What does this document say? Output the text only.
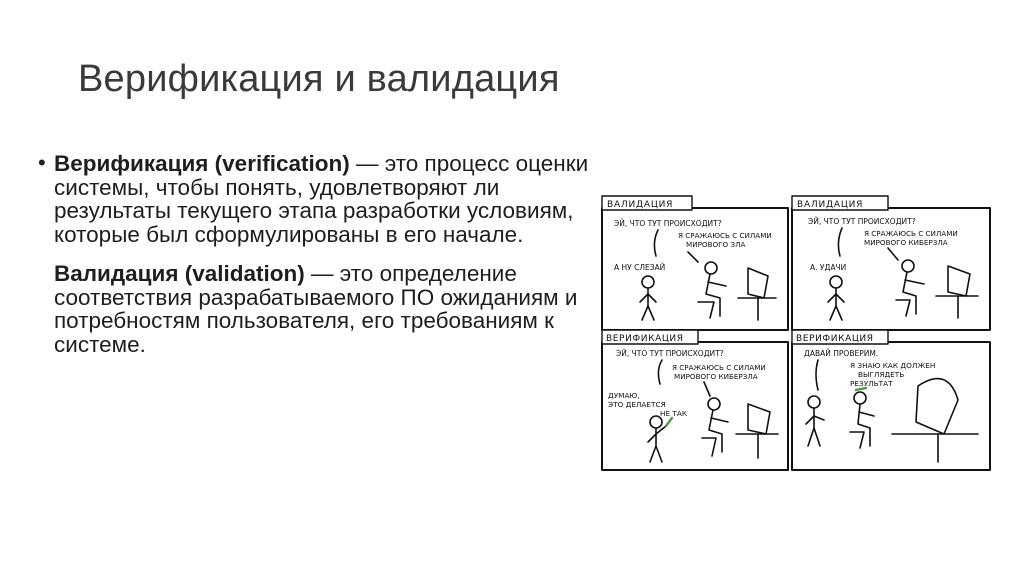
Верификация и валидация
• Верификация (verification) — это процесс оценки системы, чтобы понять, удовлетворяют ли результаты текущего этапа разработки условиям, которые был сформулированы в его начале.
Валидация (validation) — это определение соответствия разрабатываемого ПО ожиданиям и потребностям пользователя, его требованиям к системе.
ВАЛИДАЦИЯ
ЭЙ, ЧТО ТУТ ПРОИСХОДИТ?
Я СРАЖАЮСЬ С СИЛАМИ
МИРОВОГО ЗЛА
А НУ СЛЕЗАЙ
ВАЛИДАЦИЯ
ЭЙ, ЧТО ТУТ ПРОИСХОДИТ?
Я СРАЖАЮСЬ С СИЛАМИ
МИРОВОГО КИБЕРЗЛА
А. УДАЧИ
ВЕРИФИКАЦИЯ
ЭЙ, ЧТО ТУТ ПРОИСХОДИТ?
Я СРАЖАЮСЬ С СИЛАМИ
МИРОВОГО КИБЕРЗЛА
ДУМАЮ,
ЭТО ДЕЛАЕТСЯ
НЕ ТАК
ВЕРИФИКАЦИЯ
ДАВАЙ ПРОВЕРИМ.
Я ЗНАЮ КАК ДОЛЖЕН
ВЫГЛЯДЕТЬ
РЕЗУЛЬТАТ
